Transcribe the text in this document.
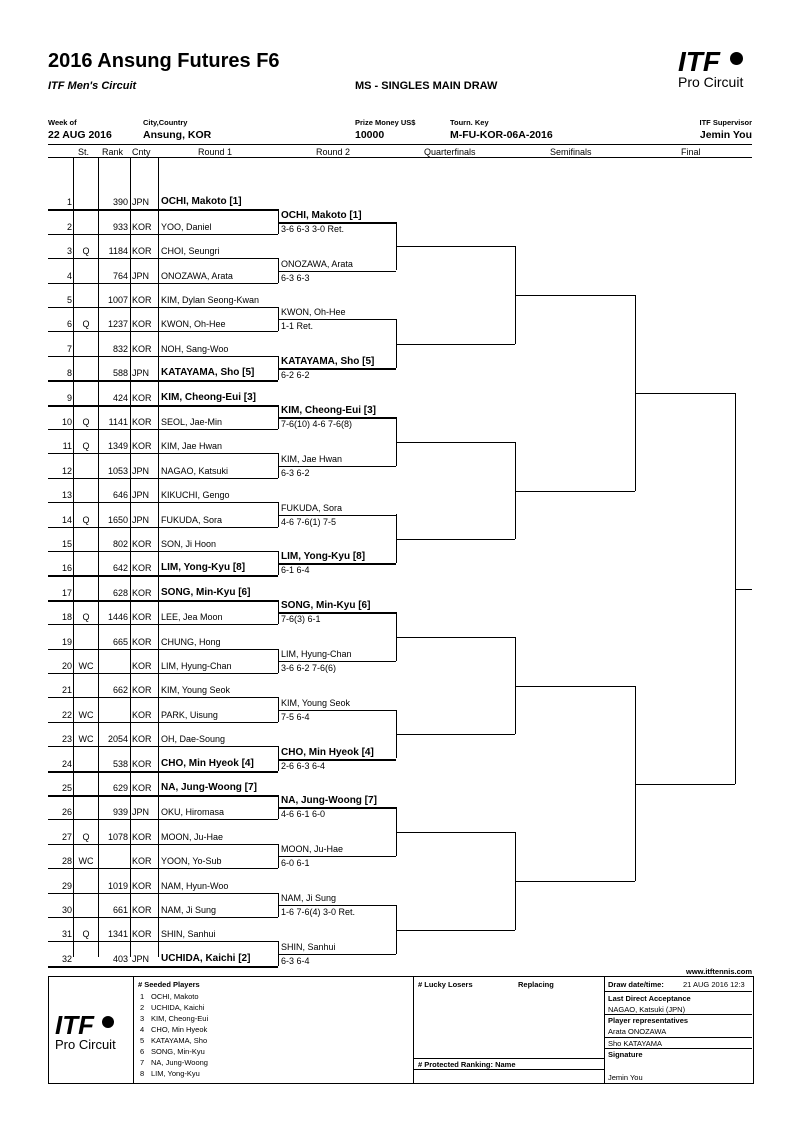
2016 Ansung Futures F6
ITF Men's Circuit	MS - SINGLES MAIN DRAW
ITF
Pro Circuit
Week of
22 AUG 2016
City,Country
Ansung, KOR
Prize Money US$
10000
Tourn. Key
M-FU-KOR-06A-2016
ITF Supervisor
Jemin You
St. Rank Cnty	Round 1	Round 2	Quarterfinals	Semifinals	Final
1	390 JPN OCHI, Makoto [1]
2	933 KOR YOO, Daniel
3	Q	1184 KOR CHOI, Seungri
4	764 JPN ONOZAWA, Arata
5	1007 KOR KIM, Dylan Seong-Kwan
6	Q	1237 KOR KWON, Oh-Hee
7	832 KOR NOH, Sang-Woo
8	588 JPN KATAYAMA, Sho [5]
9	424 KOR KIM, Cheong-Eui [3]
10	Q	1141 KOR SEOL, Jae-Min
11	Q	1349 KOR KIM, Jae Hwan
12	1053 JPN NAGAO, Katsuki
13	646 JPN KIKUCHI, Gengo
14	Q	1650 JPN FUKUDA, Sora
15	802 KOR SON, Ji Hoon
16	642 KOR LIM, Yong-Kyu [8]
17	628 KOR SONG, Min-Kyu [6]
18	Q	1446 KOR LEE, Jea Moon
19	665 KOR CHUNG, Hong
20 WC	KOR LIM, Hyung-Chan
21	662 KOR KIM, Young Seok
22 WC	KOR PARK, Uisung
23 WC	2054 KOR OH, Dae-Soung
24	538 KOR CHO, Min Hyeok [4]
25	629 KOR NA, Jung-Woong [7]
26	939 JPN OKU, Hiromasa
27	Q	1078 KOR MOON, Ju-Hae
28 WC	KOR YOON, Yo-Sub
29	1019 KOR NAM, Hyun-Woo
30	661 KOR NAM, Ji Sung
31	Q	1341 KOR SHIN, Sanhui
32	403 JPN UCHIDA, Kaichi [2]
OCHI, Makoto [1]
3-6 6-3 3-0 Ret.
ONOZAWA, Arata
6-3 6-3
KWON, Oh-Hee
1-1 Ret.
KATAYAMA, Sho [5]
6-2 6-2
KIM, Cheong-Eui [3]
7-6(10) 4-6 7-6(8)
KIM, Jae Hwan
6-3 6-2
FUKUDA, Sora
4-6 7-6(1) 7-5
LIM, Yong-Kyu [8]
6-1 6-4
SONG, Min-Kyu [6]
7-6(3) 6-1
LIM, Hyung-Chan
3-6 6-2 7-6(6)
KIM, Young Seok
7-5 6-4
CHO, Min Hyeok [4]
2-6 6-3 6-4
NA, Jung-Woong [7]
4-6 6-1 6-0
MOON, Ju-Hae
6-0 6-1
NAM, Ji Sung
1-6 7-6(4) 3-0 Ret.
SHIN, Sanhui
6-3 6-4
www.itftennis.com
ITF
Pro Circuit
# Seeded Players
1 OCHI, Makoto
2 UCHIDA, Kaichi
3 KIM, Cheong-Eui
4 CHO, Min Hyeok
5 KATAYAMA, Sho
6 SONG, Min-Kyu
7 NA, Jung-Woong
8 LIM, Yong-Kyu
# Lucky Losers	Replacing
# Protected Ranking: Name
Draw date/time:	21 AUG 2016 12:3
Last Direct Acceptance
NAGAO, Katsuki (JPN)
Player representatives
Arata ONOZAWA
Sho KATAYAMA
Signature
Jemin You
